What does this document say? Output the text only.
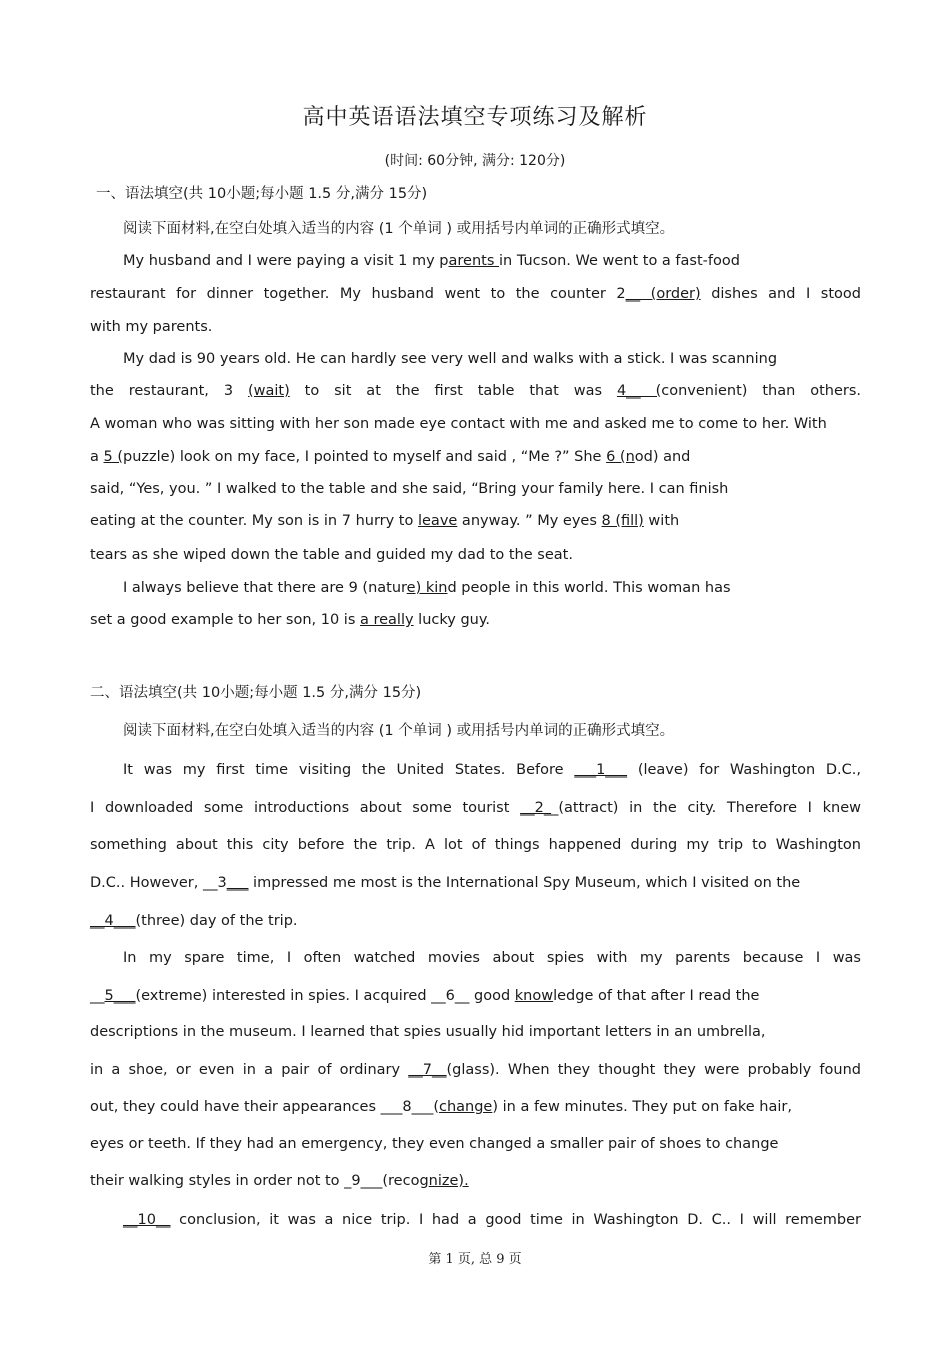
高中英语语法填空专项练习及解析
(时间: 60分钟, 满分: 120分)
一、语法填空(共 10小题;每小题 1.5 分,满分 15分)
阅读下面材料,在空白处填入适当的内容 (1 个单词 ) 或用括号内单词的正确形式填空。
My husband and I were paying a visit 1 my parents in Tucson. We went to a fast-food
restaurant for dinner together. My husband went to the counter 2__ (order) dishes and I stood
with my parents.
My dad is 90 years old. He can hardly see very well and walks with a stick. I was scanning
the restaurant, 3 (wait) to sit at the first table that was 4__ (convenient) than others.
A woman who was sitting with her son made eye contact with me and asked me to come to her. With
a 5 (puzzle) look on my face, I pointed to myself and said , “Me ?” She 6 (nod) and
said, “Yes, you. ” I walked to the table and she said, “Bring your family here. I can finish
eating at the counter. My son is in 7 hurry to leave anyway. ” My eyes 8 (fill) with
tears as she wiped down the table and guided my dad to the seat.
I always believe that there are 9 (nature) kind people in this world. This woman has
set a good example to her son, 10 is a really lucky guy.
二、语法填空(共 10小题;每小题 1.5 分,满分 15分)
阅读下面材料,在空白处填入适当的内容 (1 个单词 ) 或用括号内单词的正确形式填空。
It was my first time visiting the United States. Before ___1___ (leave) for Washington D.C.,
I downloaded some introductions about some tourist __2__(attract) in the city. Therefore I knew
something about this city before the trip. A lot of things happened during my trip to Washington
D.C.. However, __3___ impressed me most is the International Spy Museum, which I visited on the
__4___(three) day of the trip.
In my spare time, I often watched movies about spies with my parents because I was
__5___(extreme) interested in spies. I acquired __6__ good knowledge of that after I read the
descriptions in the museum. I learned that spies usually hid important letters in an umbrella,
in a shoe, or even in a pair of ordinary __7__(glass). When they thought they were probably found
out, they could have their appearances ___8___(change) in a few minutes. They put on fake hair,
eyes or teeth. If they had an emergency, they even changed a smaller pair of shoes to change
their walking styles in order not to _9___(recognize).
__10__ conclusion, it was a nice trip. I had a good time in Washington D. C.. I will remember
第 1 页, 总 9 页
